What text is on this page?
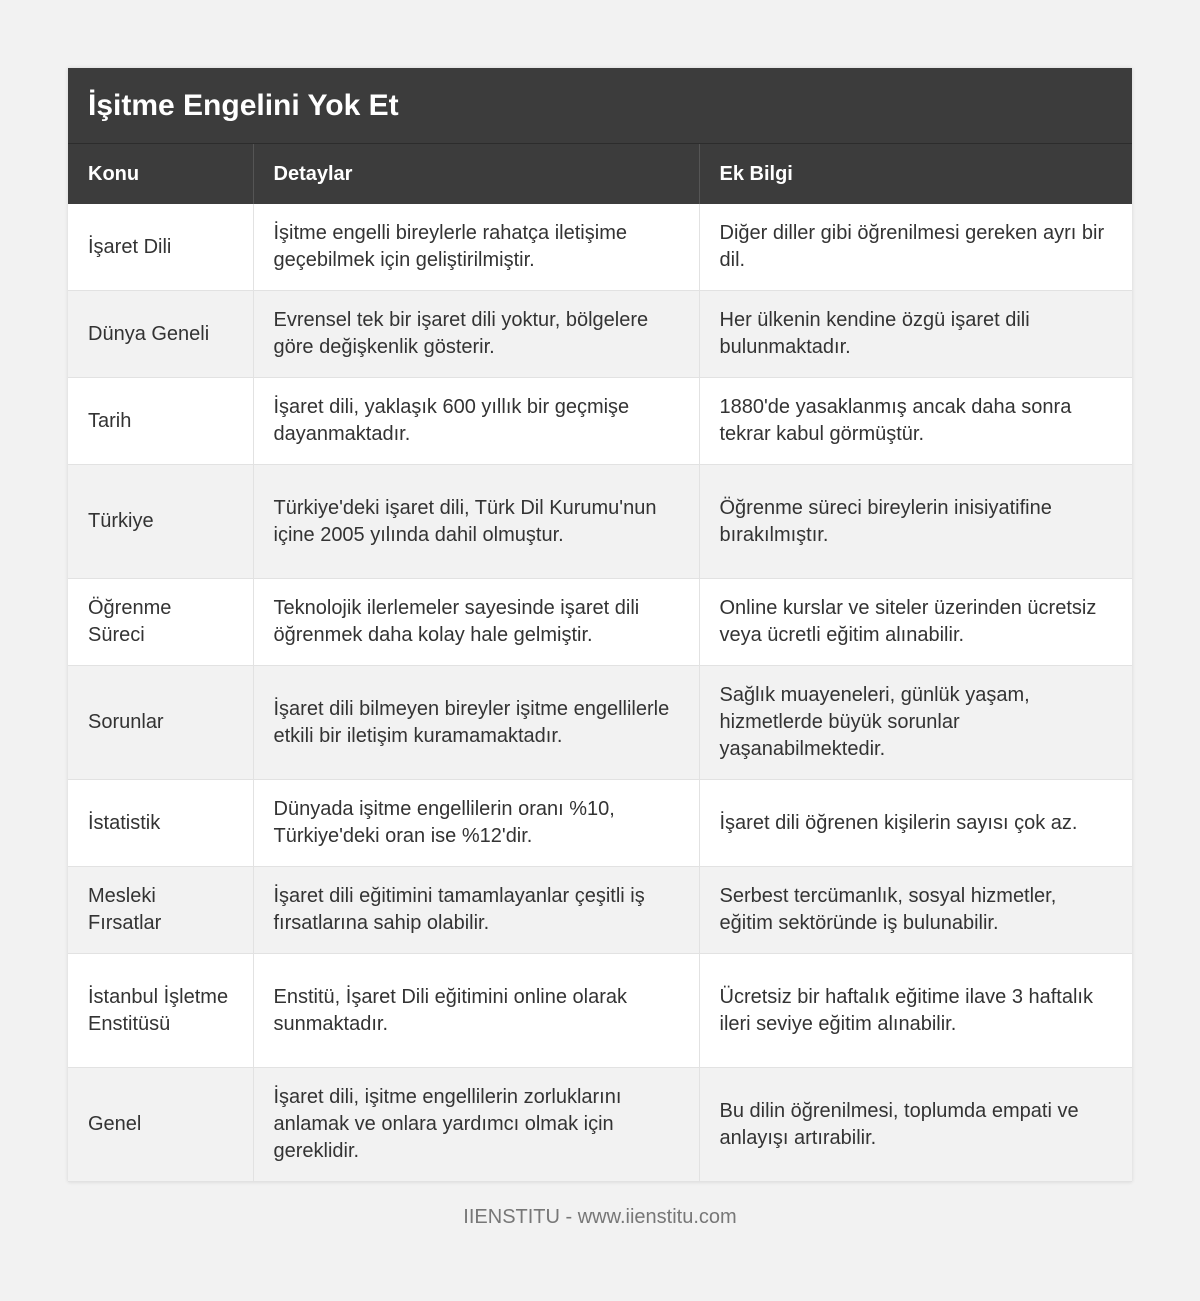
İşitme Engelini Yok Et
Konu	Detaylar	Ek Bilgi
İşaret Dili	İşitme engelli bireylerle rahatça iletişime geçebilmek için geliştirilmiştir.	Diğer diller gibi öğrenilmesi gereken ayrı bir dil.
Dünya Geneli	Evrensel tek bir işaret dili yoktur, bölgelere göre değişkenlik gösterir.	Her ülkenin kendine özgü işaret dili bulunmaktadır.
Tarih	İşaret dili, yaklaşık 600 yıllık bir geçmişe dayanmaktadır.	1880'de yasaklanmış ancak daha sonra tekrar kabul görmüştür.
Türkiye	Türkiye'deki işaret dili, Türk Dil Kurumu'nun içine 2005 yılında dahil olmuştur.	Öğrenme süreci bireylerin inisiyatifine bırakılmıştır.
Öğrenme Süreci	Teknolojik ilerlemeler sayesinde işaret dili öğrenmek daha kolay hale gelmiştir.	Online kurslar ve siteler üzerinden ücretsiz veya ücretli eğitim alınabilir.
Sorunlar	İşaret dili bilmeyen bireyler işitme engellilerle etkili bir iletişim kuramamaktadır.	Sağlık muayeneleri, günlük yaşam, hizmetlerde büyük sorunlar yaşanabilmektedir.
İstatistik	Dünyada işitme engellilerin oranı %10, Türkiye'deki oran ise %12'dir.	İşaret dili öğrenen kişilerin sayısı çok az.
Mesleki Fırsatlar	İşaret dili eğitimini tamamlayanlar çeşitli iş fırsatlarına sahip olabilir.	Serbest tercümanlık, sosyal hizmetler, eğitim sektöründe iş bulunabilir.
İstanbul İşletme Enstitüsü	Enstitü, İşaret Dili eğitimini online olarak sunmaktadır.	Ücretsiz bir haftalık eğitime ilave 3 haftalık ileri seviye eğitim alınabilir.
Genel	İşaret dili, işitme engellilerin zorluklarını anlamak ve onlara yardımcı olmak için gereklidir.	Bu dilin öğrenilmesi, toplumda empati ve anlayışı artırabilir.
IIENSTITU - www.iienstitu.com
